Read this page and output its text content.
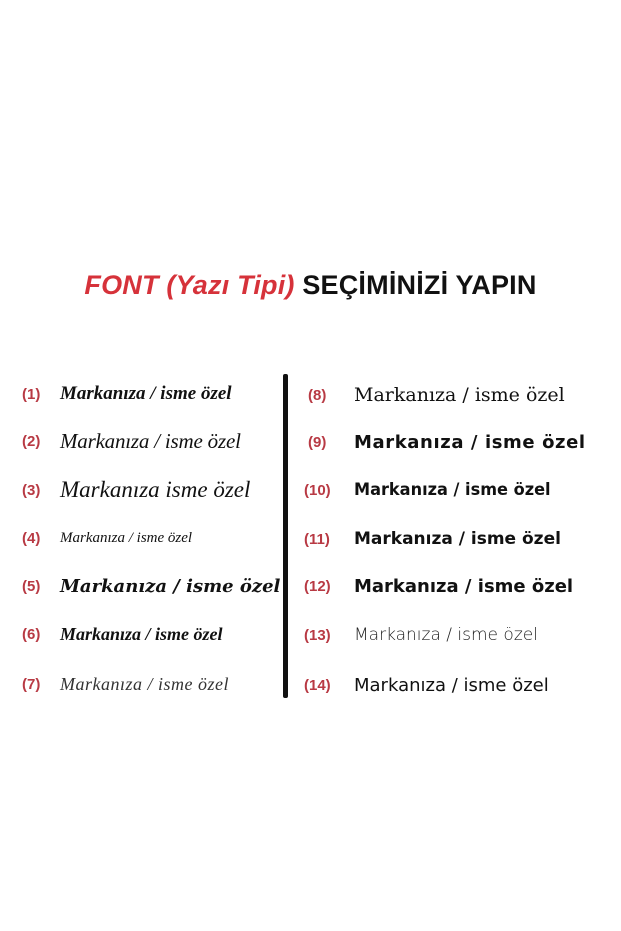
FONT (Yazı Tipi) SEÇİMİNİZİ YAPIN
(1)	Markanıza / isme özel
(2) Markanıza / isme özel
(3) Markanıza isme özel
(4)	Markanıza / isme özel
(5)	Markanıza / isme özel
(6)	Markanıza / isme özel
(7)	Markanıza / isme özel
(8)	Markanıza / isme özel
(9)	Markanıza / isme özel
(10)	Markanıza / isme özel
(11)	Markanıza / isme özel
(12)	Markanıza / isme özel
(13)	Markanıza / isme özel
(14)	Markanıza / isme özel
